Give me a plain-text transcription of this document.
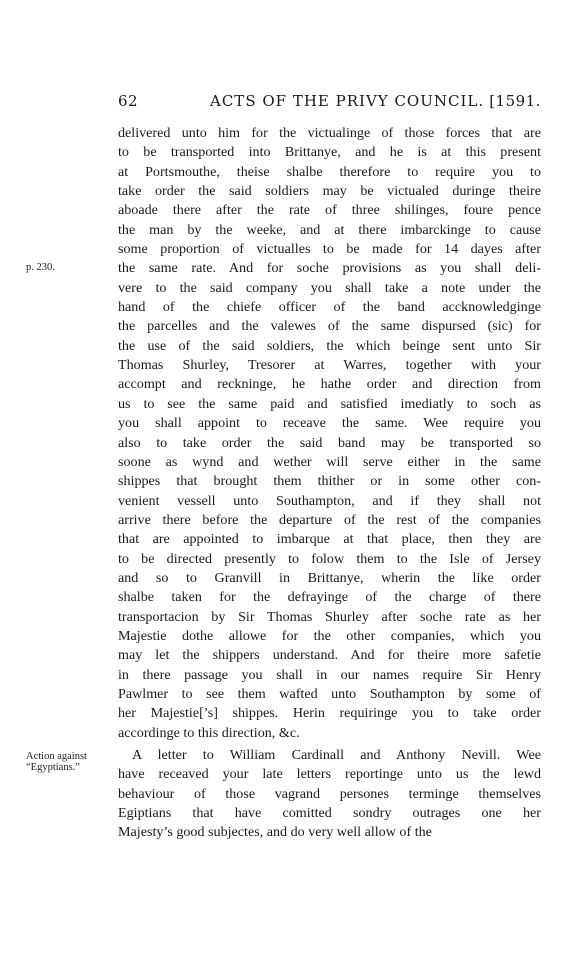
62	ACTS OF THE PRIVY COUNCIL. [1591.
p. 230.
Action against “Egyptians.”
delivered unto him for the victualinge of those forces that are
to be transported into Brittanye, and he is at this present
at Portsmouthe, theise shalbe therefore to require you to
take order the said soldiers may be victualed duringe theire
aboade there after the rate of three shilinges, foure pence
the man by the weeke, and at there imbarckinge to cause
some proportion of victualles to be made for 14 dayes after
the same rate. And for soche provisions as you shall deli-
vere to the said company you shall take a note under the
hand of the chiefe officer of the band accknowledginge
the parcelles and the valewes of the same dispursed (sic) for
the use of the said soldiers, the which beinge sent unto Sir
Thomas Shurley, Tresorer at Warres, together with your
accompt and reckninge, he hathe order and direction from
us to see the same paid and satisfied imediatly to soch as
you shall appoint to receave the same. Wee require you
also to take order the said band may be transported so
soone as wynd and wether will serve either in the same
shippes that brought them thither or in some other con-
venient vessell unto Southampton, and if they shall not
arrive there before the departure of the rest of the companies
that are appointed to imbarque at that place, then they are
to be directed presently to folow them to the Isle of Jersey
and so to Granvill in Brittanye, wherin the like order
shalbe taken for the defrayinge of the charge of there
transportacion by Sir Thomas Shurley after soche rate as her
Majestie dothe allowe for the other companies, which you
may let the shippers understand. And for theire more safetie
in there passage you shall in our names require Sir Henry
Pawlmer to see them wafted unto Southampton by some of
her Majestie[’s] shippes. Herin requiringe you to take order
accordinge to this direction, &c.
A letter to William Cardinall and Anthony Nevill. Wee
have receaved your late letters reportinge unto us the lewd
behaviour of those vagrand persones terminge themselves
Egiptians that have comitted sondry outrages one her
Majesty’s good subjectes, and do very well allow of the
